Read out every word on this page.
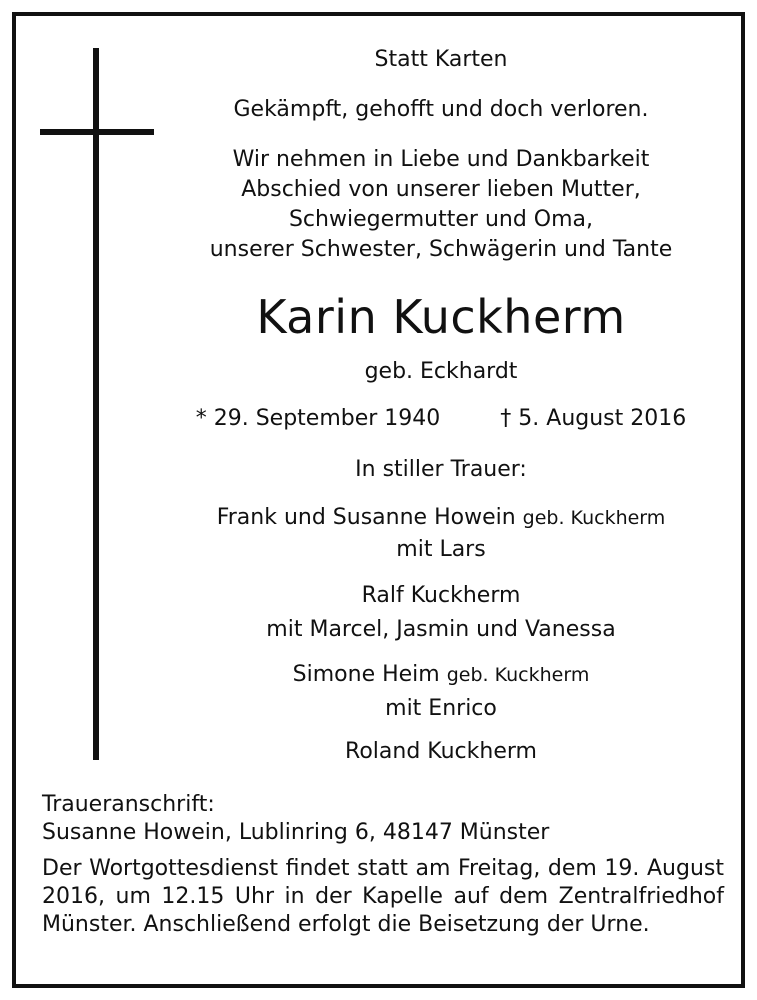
Statt Karten
Gekämpft, gehofft und doch verloren.
Wir nehmen in Liebe und Dankbarkeit
Abschied von unserer lieben Mutter,
Schwiegermutter und Oma,
unserer Schwester, Schwägerin und Tante
Karin Kuckherm
geb. Eckhardt
* 29. September 1940	† 5. August 2016
In stiller Trauer:
Frank und Susanne Howein geb. Kuckherm
mit Lars
Ralf Kuckherm
mit Marcel, Jasmin und Vanessa
Simone Heim geb. Kuckherm
mit Enrico
Roland Kuckherm
Traueranschrift:
Susanne Howein, Lublinring 6, 48147 Münster
Der Wortgottesdienst findet statt am Freitag, dem 19. August 2016, um 12.15 Uhr in der Kapelle auf dem Zentralfriedhof Münster. Anschließend erfolgt die Beisetzung der Urne.
